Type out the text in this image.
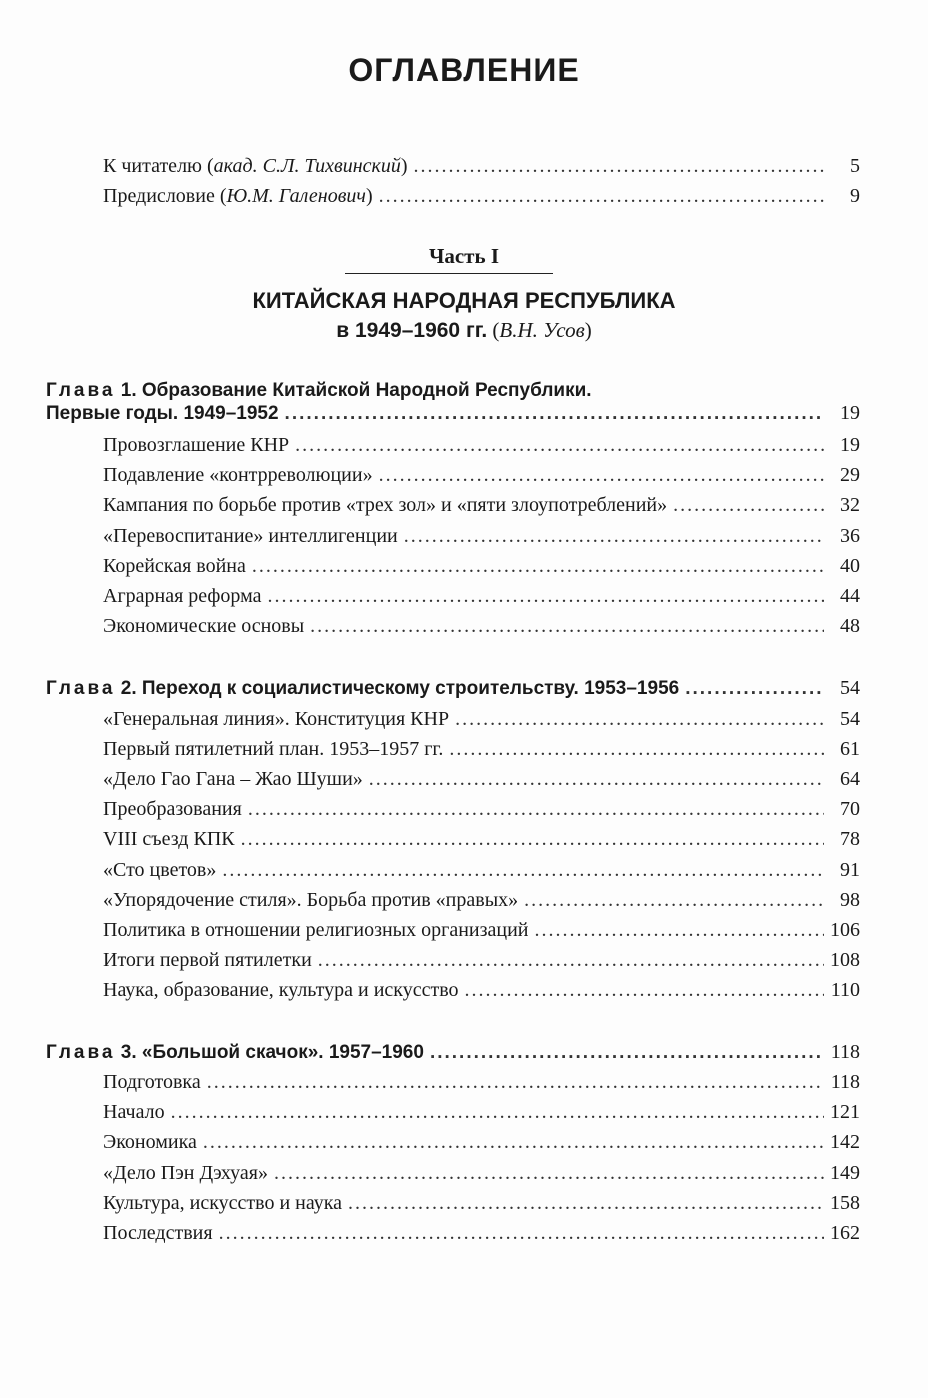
ОГЛАВЛЕНИЕ
К читателю (акад. С.Л. Тихвинский) .....	5
Предисловие (Ю.М. Галенович) .....	9
Часть I
КИТАЙСКАЯ НАРОДНАЯ РЕСПУБЛИКА
в 1949–1960 гг. (В.Н. Усов)
Глава 1. Образование Китайской Народной Республики.
Первые годы. 1949–1952 .....	19
Провозглашение КНР .....	19
Подавление «контрреволюции» .....	29
Кампания по борьбе против «трех зол» и «пяти злоупотреблений» .....	32
«Перевоспитание» интеллигенции .....	36
Корейская война .....	40
Аграрная реформа .....	44
Экономические основы .....	48
Глава 2. Переход к социалистическому строительству. 1953–1956 .....	54
«Генеральная линия». Конституция КНР .....	54
Первый пятилетний план. 1953–1957 гг. .....	61
«Дело Гао Гана – Жао Шуши» .....	64
Преобразования .....	70
VIII съезд КПК .....	78
«Сто цветов» .....	91
«Упорядочение стиля». Борьба против «правых» .....	98
Политика в отношении религиозных организаций .....	106
Итоги первой пятилетки .....	108
Наука, образование, культура и искусство .....	110
Глава 3. «Большой скачок». 1957–1960 .....	118
Подготовка .....	118
Начало .....	121
Экономика .....	142
«Дело Пэн Дэхуая» .....	149
Культура, искусство и наука .....	158
Последствия .....	162
